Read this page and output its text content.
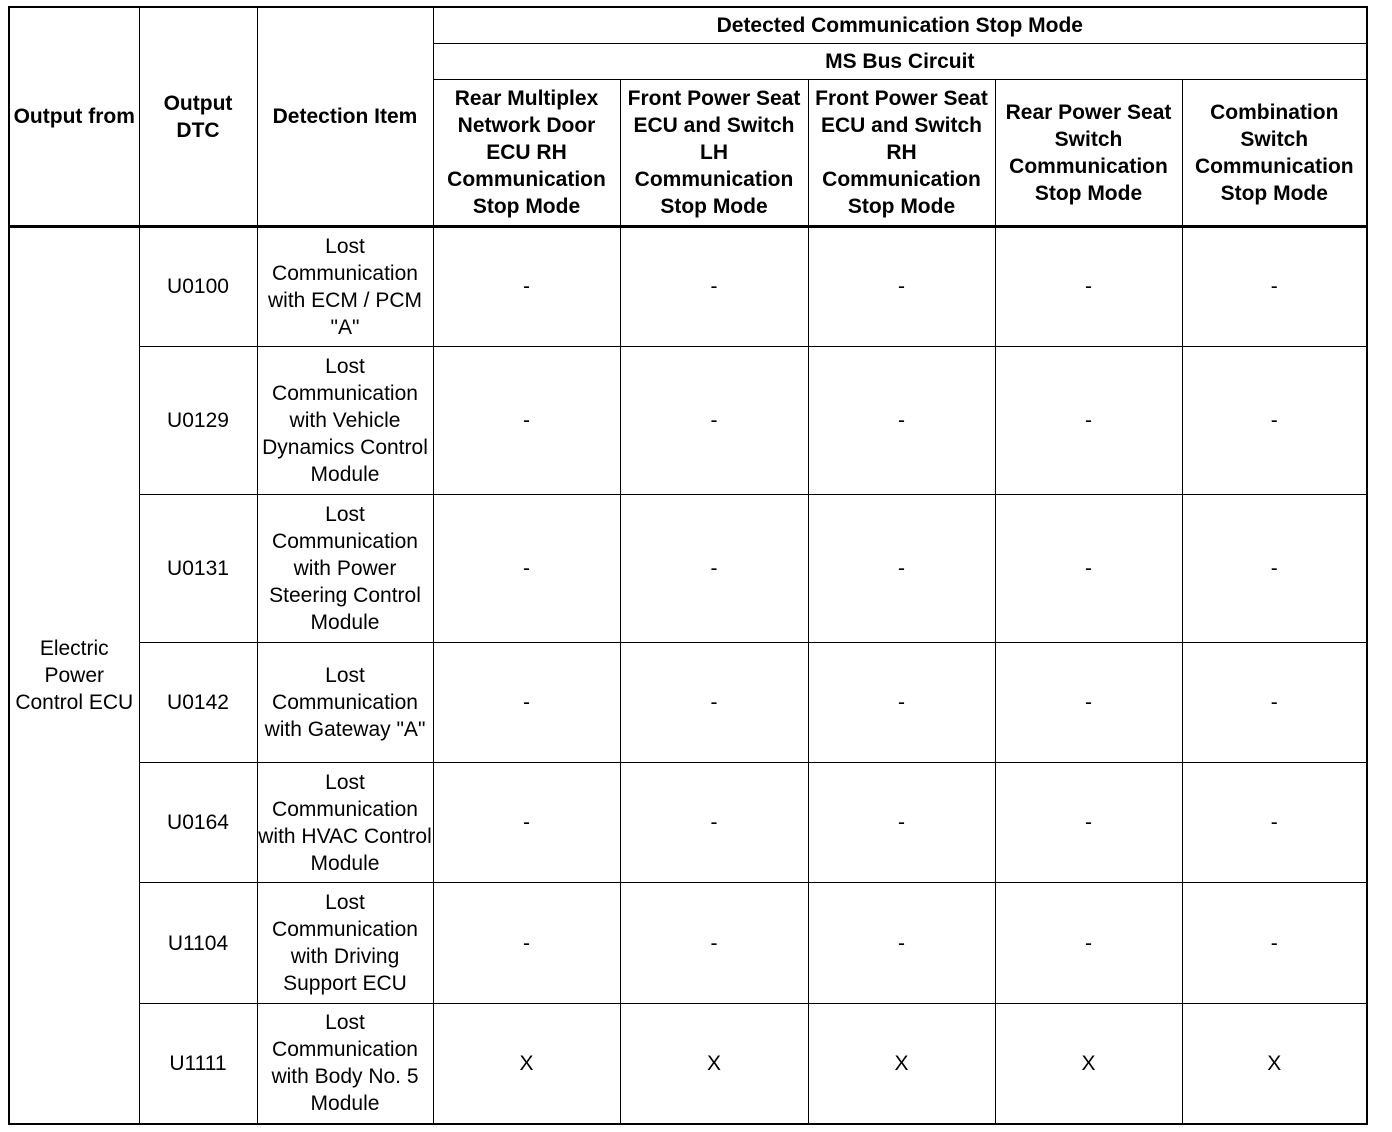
Output from	Output DTC	Detection Item	Detected Communication Stop Mode				
			MS Bus Circuit				
			Rear Multiplex Network Door ECU RH Communication Stop Mode	Front Power Seat ECU and Switch LH Communication Stop Mode	Front Power Seat ECU and Switch RH Communication Stop Mode	Rear Power Seat Switch Communication Stop Mode	Combination Switch Communication Stop Mode
Electric Power Control ECU	U0100	Lost Communication with ECM / PCM "A"	-	-	-	-	-
	U0129	Lost Communication with Vehicle Dynamics Control Module	-	-	-	-	-
	U0131	Lost Communication with Power Steering Control Module	-	-	-	-	-
	U0142	Lost Communication with Gateway "A"	-	-	-	-	-
	U0164	Lost Communication with HVAC Control Module	-	-	-	-	-
	U1104	Lost Communication with Driving Support ECU	-	-	-	-	-
	U1111	Lost Communication with Body No. 5 Module	X	X	X	X	X
